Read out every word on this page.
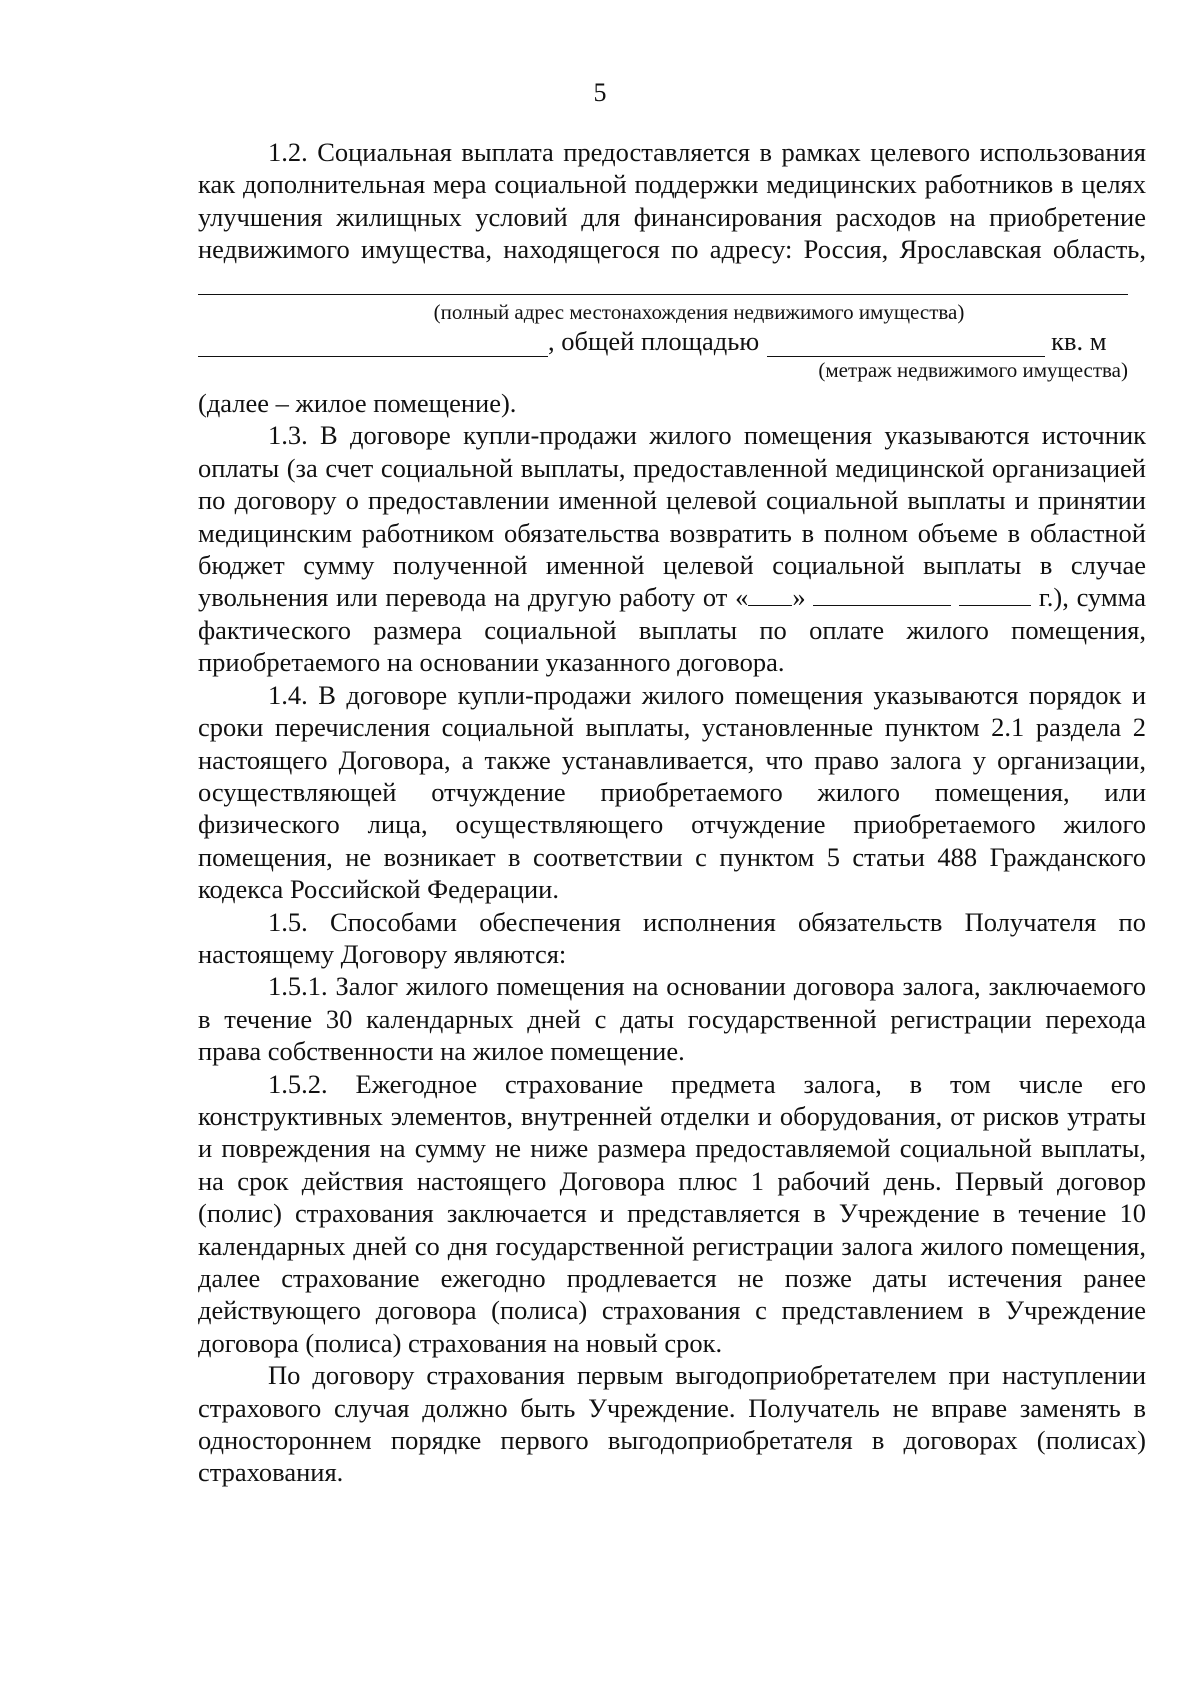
5

1.2. Социальная выплата предоставляется в рамках целевого использования как дополнительная мера социальной поддержки медицинских работников в целях улучшения жилищных условий для финансирования расходов на приобретение недвижимого имущества, находящегося по адресу: Россия, Ярославская область,

(полный адрес местонахождения недвижимого имущества)
, общей площадью	кв. м
(метраж недвижимого имущества)

(далее – жилое помещение).

1.3. В договоре купли-продажи жилого помещения указываются источник оплаты (за счет социальной выплаты, предоставленной медицинской организацией по договору о предоставлении именной целевой социальной выплаты и принятии медицинским работником обязательства возвратить в полном объеме в областной бюджет сумму полученной именной целевой социальной выплаты в случае увольнения или перевода на другую работу от « »	г.), сумма фактического размера социальной выплаты по оплате жилого помещения, приобретаемого на основании указанного договора.

1.4. В договоре купли-продажи жилого помещения указываются порядок и сроки перечисления социальной выплаты, установленные пунктом 2.1 раздела 2 настоящего Договора, а также устанавливается, что право залога у организации, осуществляющей отчуждение приобретаемого жилого помещения, или физического лица, осуществляющего отчуждение приобретаемого жилого помещения, не возникает в соответствии с пунктом 5 статьи 488 Гражданского кодекса Российской Федерации.

1.5. Способами обеспечения исполнения обязательств Получателя по настоящему Договору являются:

1.5.1. Залог жилого помещения на основании договора залога, заключаемого в течение 30 календарных дней с даты государственной регистрации перехода права собственности на жилое помещение.

1.5.2. Ежегодное страхование предмета залога, в том числе его конструктивных элементов, внутренней отделки и оборудования, от рисков утраты и повреждения на сумму не ниже размера предоставляемой социальной выплаты, на срок действия настоящего Договора плюс 1 рабочий день. Первый договор (полис) страхования заключается и представляется в Учреждение в течение 10 календарных дней со дня государственной регистрации залога жилого помещения, далее страхование ежегодно продлевается не позже даты истечения ранее действующего договора (полиса) страхования с представлением в Учреждение договора (полиса) страхования на новый срок.

По договору страхования первым выгодоприобретателем при наступлении страхового случая должно быть Учреждение. Получатель не вправе заменять в одностороннем порядке первого выгодоприобретателя в договорах (полисах) страхования.
